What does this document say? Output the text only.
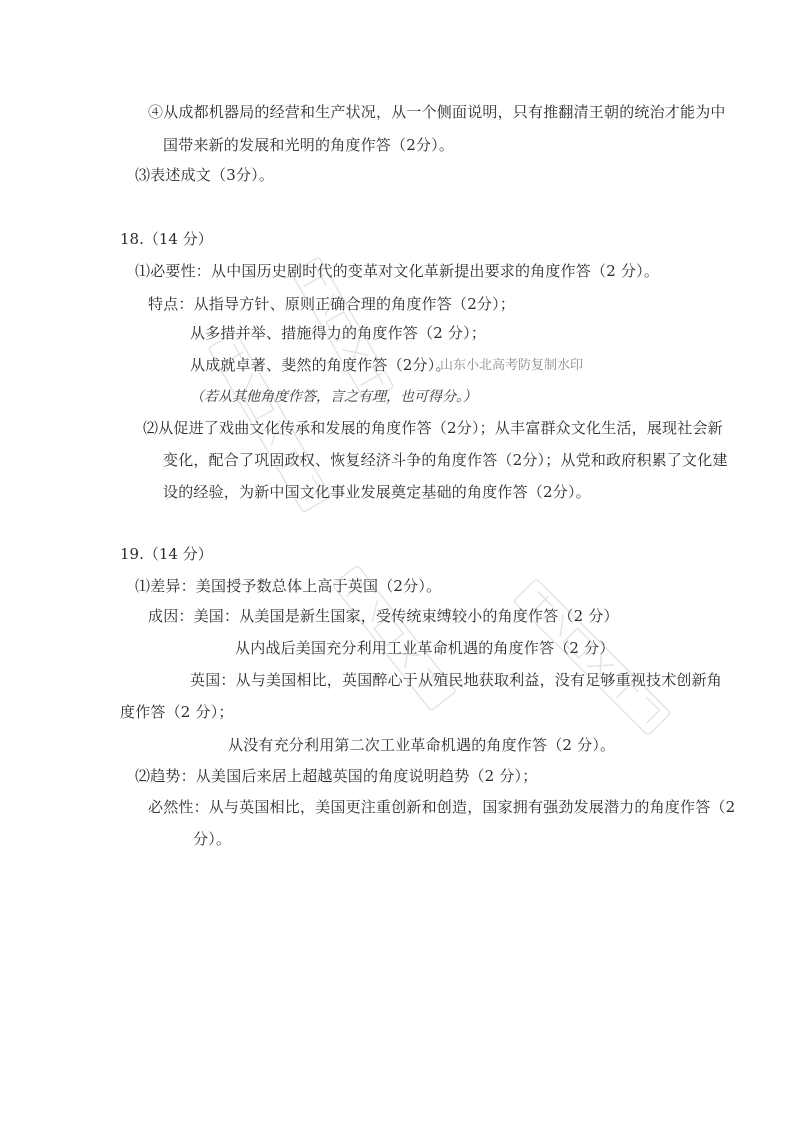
④从成都机器局的经营和生产状况，从一个侧面说明，只有推翻清王朝的统治才能为中
国带来新的发展和光明的角度作答（2分）。
⑶表述成文（3分）。
18.（14 分）
⑴必要性：从中国历史剧时代的变革对文化革新提出要求的角度作答（2 分）。
特点：从指导方针、原则正确合理的角度作答（2分）；
从多措并举、措施得力的角度作答（2 分）；
从成就卓著、斐然的角度作答（2分）。
山东小北高考防复制水印
（若从其他角度作答，言之有理，也可得分。）
⑵从促进了戏曲文化传承和发展的角度作答（2分）；从丰富群众文化生活，展现社会新
变化，配合了巩固政权、恢复经济斗争的角度作答（2分）；从党和政府积累了文化建
设的经验，为新中国文化事业发展奠定基础的角度作答（2分）。
19.（14 分）
⑴差异：美国授予数总体上高于英国（2分）。
成因：美国：从美国是新生国家，受传统束缚较小的角度作答（2 分）
从内战后美国充分利用工业革命机遇的角度作答（2 分）
英国：从与美国相比，英国醉心于从殖民地获取利益，没有足够重视技术创新角
度作答（2 分）；
从没有充分利用第二次工业革命机遇的角度作答（2 分）。
⑵趋势：从美国后来居上超越英国的角度说明趋势（2 分）；
必然性：从与英国相比，美国更注重创新和创造，国家拥有强劲发展潜力的角度作答（2
分）。
